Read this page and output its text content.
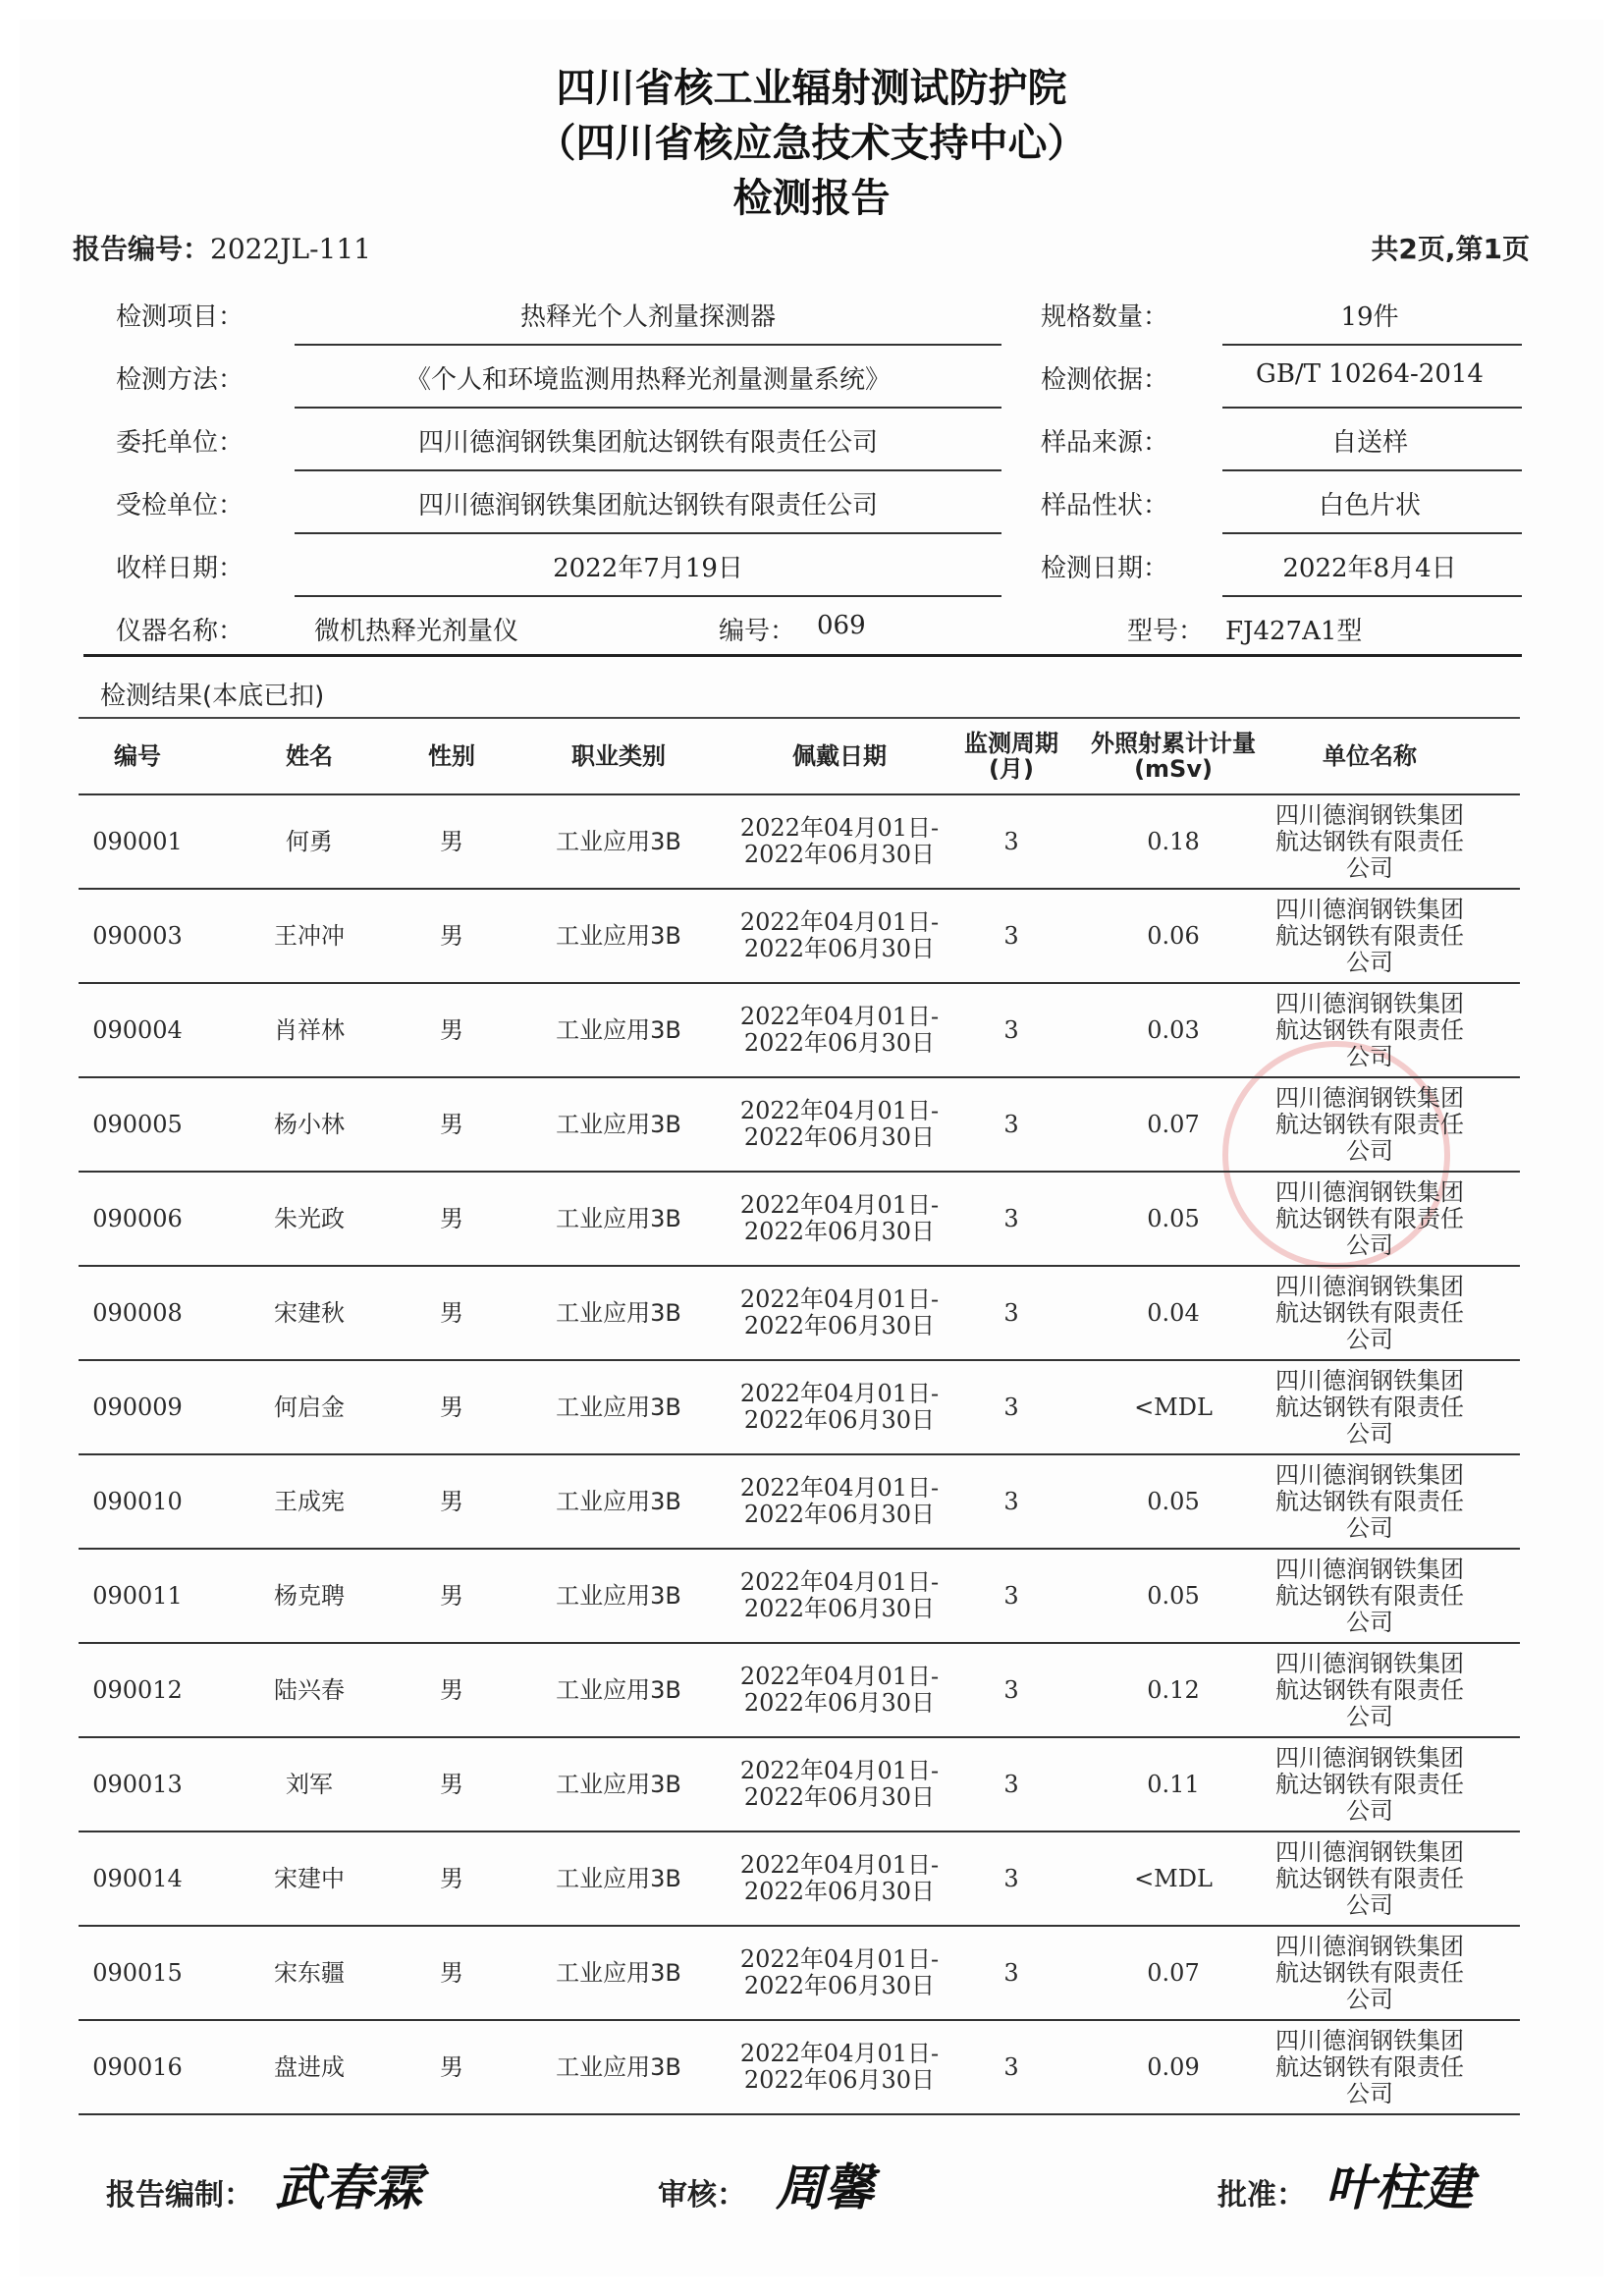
四川省核工业辐射测试防护院
（四川省核应急技术支持中心）
检测报告
报告编号：2022JL-111	共2页,第1页
检测项目：	热释光个人剂量探测器	规格数量：	19件
检测方法：	《个人和环境监测用热释光剂量测量系统》	检测依据：	GB/T 10264-2014
委托单位：	四川德润钢铁集团航达钢铁有限责任公司	样品来源：	自送样
受检单位：	四川德润钢铁集团航达钢铁有限责任公司	样品性状：	白色片状
收样日期：	2022年7月19日	检测日期：	2022年8月4日
仪器名称：	微机热释光剂量仪	编号： 069	型号： FJ427A1型
检测结果(本底已扣)
编号	姓名	性别	职业类别	佩戴日期	监测周期
(月)
外照射累计计量
(mSv)	单位名称
090001	何勇	男	工业应用3B	2022年04月01日-
2022年06月30日	3	0.18
四川德润钢铁集团
航达钢铁有限责任
公司
090003	王冲冲	男	工业应用3B	2022年04月01日-
2022年06月30日	3	0.06
四川德润钢铁集团
航达钢铁有限责任
公司
090004	肖祥林	男	工业应用3B	2022年04月01日-
2022年06月30日	3	0.03
四川德润钢铁集团
航达钢铁有限责任
公司
090005	杨小林	男	工业应用3B	2022年04月01日-
2022年06月30日	3	0.07
四川德润钢铁集团
航达钢铁有限责任
公司
090006	朱光政	男	工业应用3B	2022年04月01日-
2022年06月30日	3	0.05
四川德润钢铁集团
航达钢铁有限责任
公司
090008	宋建秋	男	工业应用3B	2022年04月01日-
2022年06月30日	3	0.04
四川德润钢铁集团
航达钢铁有限责任
公司
090009	何启金	男	工业应用3B	2022年04月01日-
2022年06月30日	3	<MDL
四川德润钢铁集团
航达钢铁有限责任
公司
090010	王成宪	男	工业应用3B	2022年04月01日-
2022年06月30日	3	0.05
四川德润钢铁集团
航达钢铁有限责任
公司
090011	杨克聘	男	工业应用3B	2022年04月01日-
2022年06月30日	3	0.05
四川德润钢铁集团
航达钢铁有限责任
公司
090012	陆兴春	男	工业应用3B	2022年04月01日-
2022年06月30日	3	0.12
四川德润钢铁集团
航达钢铁有限责任
公司
090013	刘军	男	工业应用3B	2022年04月01日-
2022年06月30日	3	0.11
四川德润钢铁集团
航达钢铁有限责任
公司
090014	宋建中	男	工业应用3B	2022年04月01日-
2022年06月30日	3	<MDL
四川德润钢铁集团
航达钢铁有限责任
公司
090015	宋东疆	男	工业应用3B	2022年04月01日-
2022年06月30日	3	0.07
四川德润钢铁集团
航达钢铁有限责任
公司
090016	盘进成	男	工业应用3B	2022年04月01日-
2022年06月30日	3	0.09
四川德润钢铁集团
航达钢铁有限责任
公司
报告编制： 武春霖	审核： 周馨	批准： 叶柱建
